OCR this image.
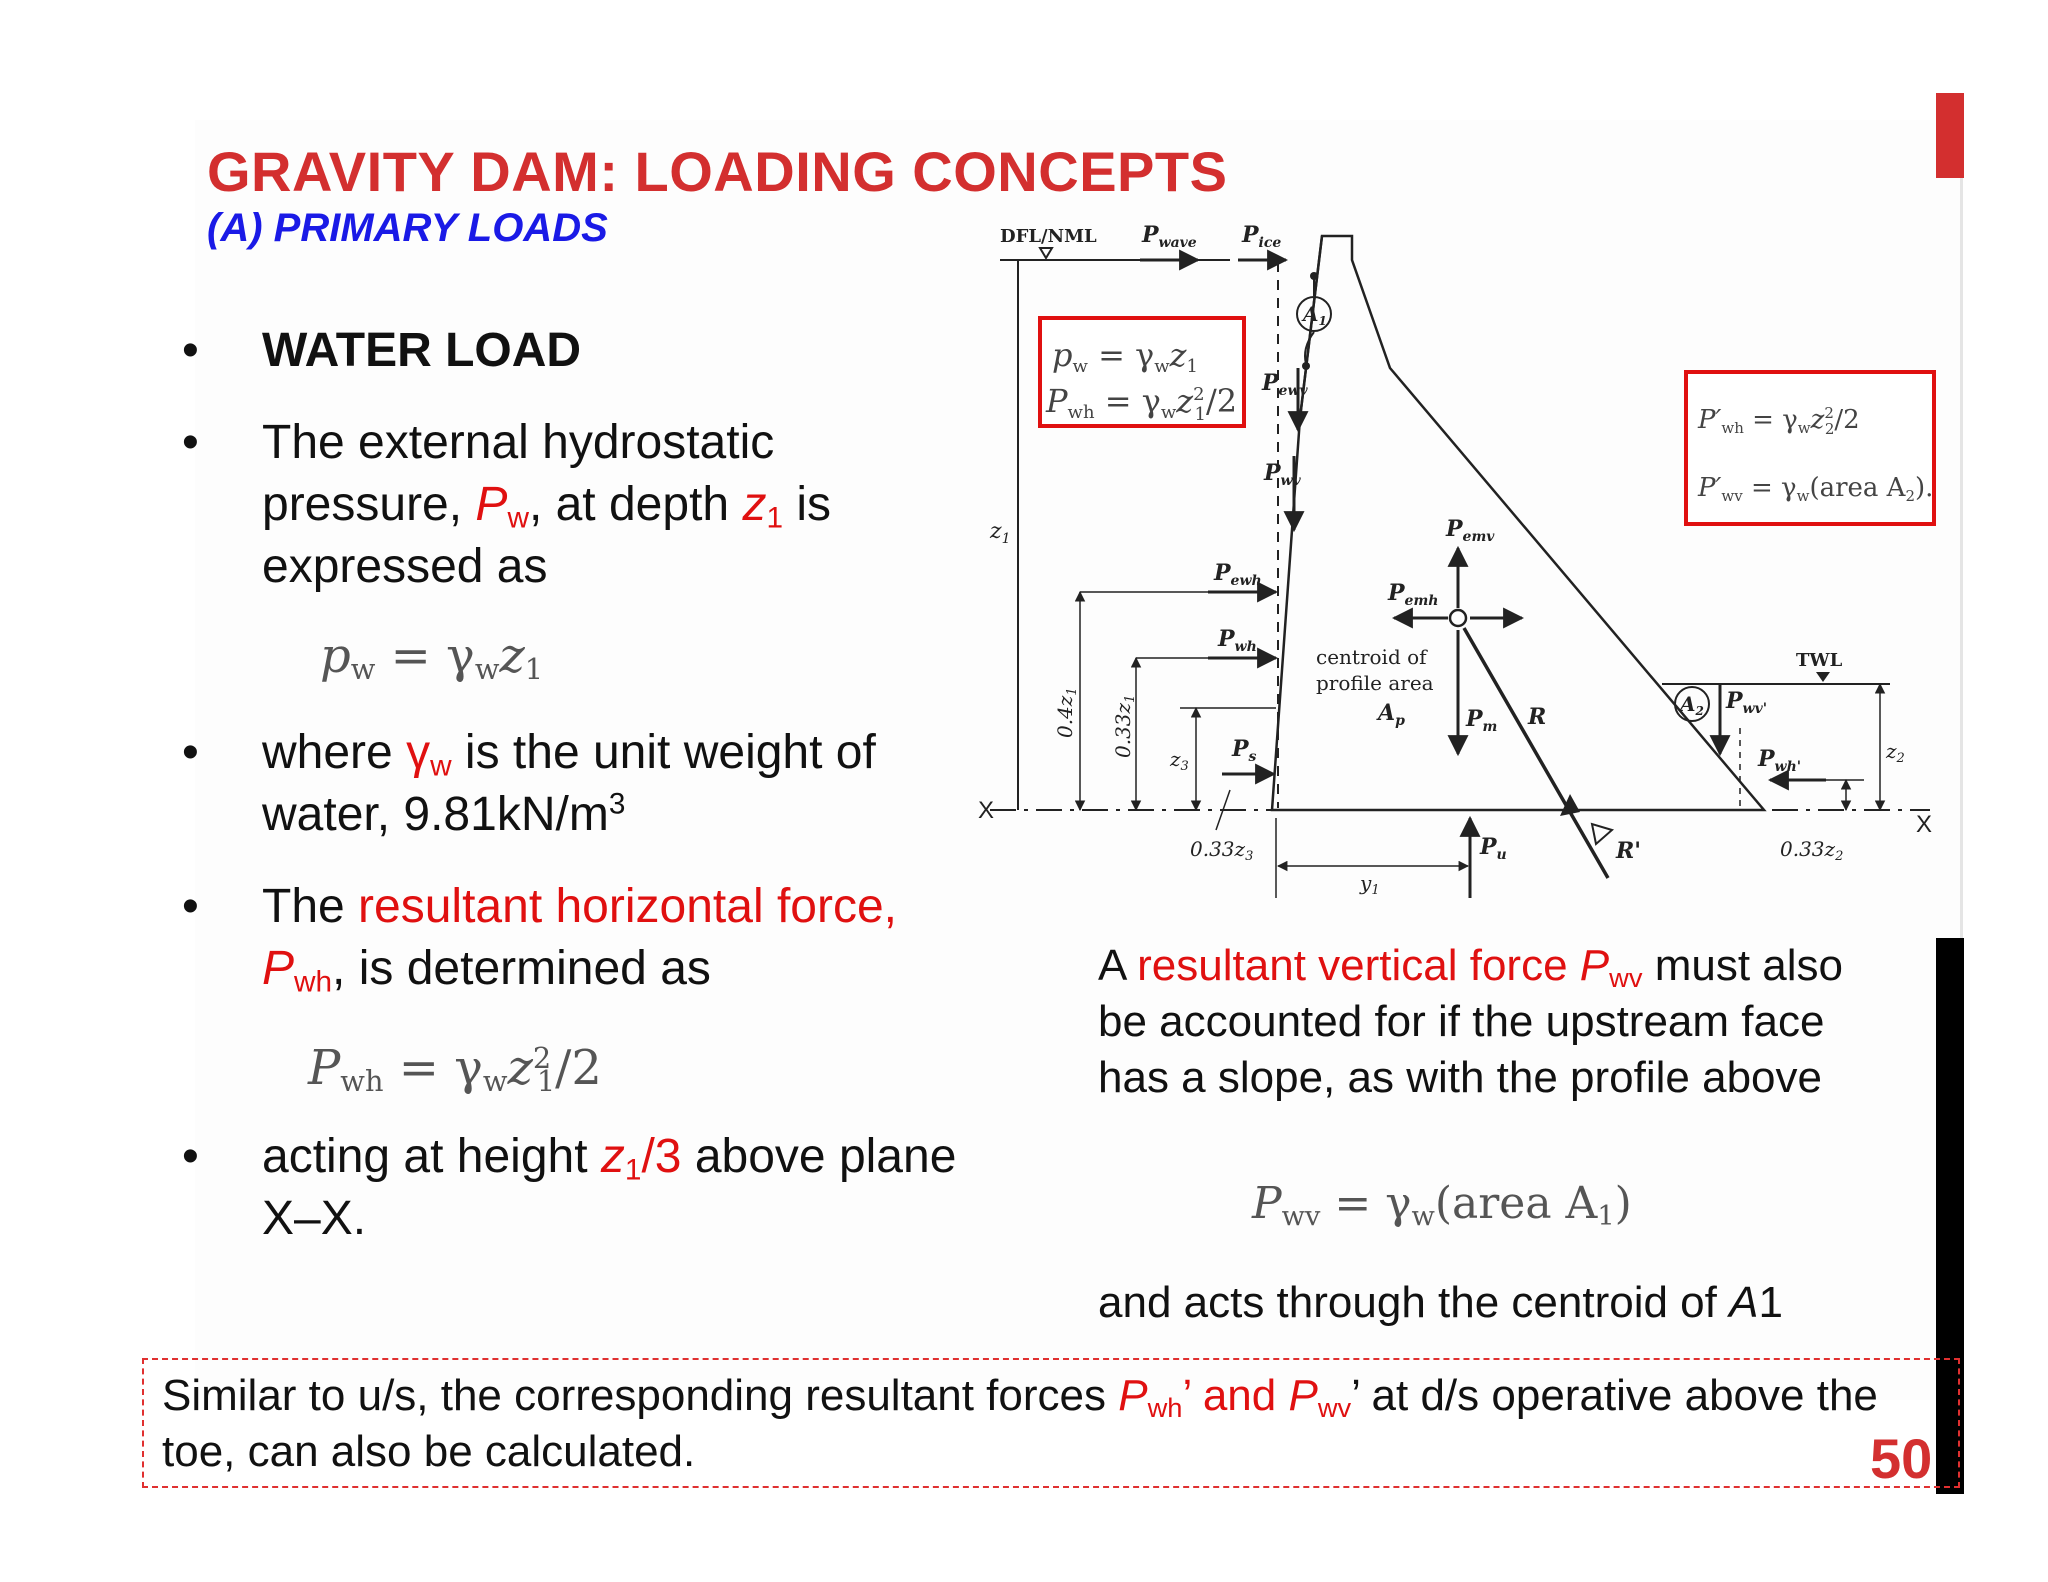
GRAVITY DAM: LOADING CONCEPTS
(A) PRIMARY LOADS
• WATER LOAD
• The external hydrostatic pressure, $P_w$, at depth $z_1$ is expressed as
• where $\gamma_w$ is the unit weight of water, $9.81kN/m^3$
• The resultant horizontal force,
$P_{wh}$, is determined as
• acting at height $z_1/3$ above plane X–X.
$p_w = \gamma_wz_1$
$P_{wh} = \gamma_wz^2_1/2$
DFL/NML $P_{wave}$ $P_{ice}$
$A_1$
$P_{ewv}$
$P_{wv}$
$z_1$
$P_{ewh}$
$P_{wh}$
$0.4z_1$
$0.33z_1$
$z_3$
$P_s$
$0.33z_3$
X
X
$P_{emv}$
$P_{emh}$
centroid of
profile area
$A_p$	$P_m$ R
R'
$P_u$
$y_1$
TWL
$A_2$ $P_{wv'}$
$P_{wh'}$
$z_2$
$0.33z_2$
pw = γwz1
Pwh = γwz$^2$ 1/2	P′wh = γwz$^2$ 2/2
P′wv = γw(area A2).
A resultant vertical force $P_{wv}$ must also be accounted for if the upstream face has a slope, as with the profile above
$P_{wv}$ = $\gamma_w(area$ $A_1$)
and acts through the centroid of A1
Similar to u/s, the corresponding resultant forces $P_{wh}$’ and $P_{wv}$’ at d/s operative above the toe, can also be calculated.	50
